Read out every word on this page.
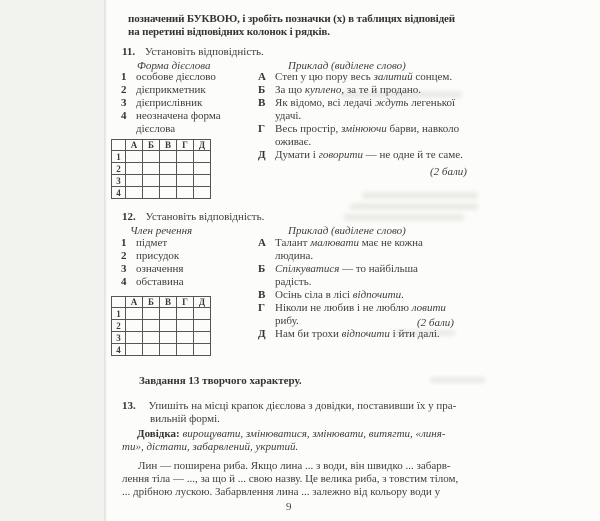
позначений БУКВОЮ, і зробіть позначки (х) в таблицях відповідей
на перетині відповідних колонок і рядків.
11. Установіть відповідність.
Форма дієслова	Приклад (виділене слово)
1 особове дієслово
2 дієприкметник
3 дієприслівник
4 неозначена форма дієслова
А Степ у цю пору весь залитий сонцем.
Б За що куплено, за те й продано.
В Як відомо, всі ледачі ждуть легенької удачі.
Г Весь простір, змінюючи барви, навколо оживає.
Д Думати і говорити — не одне й те саме.
	А	Б	В	Г	Д
1					
2					
3					
4					
(2 бали)
12. Установіть відповідність.
Член речення	Приклад (виділене слово)
1 підмет
2 присудок
3 означення
4 обставина
А Талант малювати має не кожна людина.
Б Спілкуватися — то найбільша радість.
В Осінь сіла в лісі відпочити.
Г Ніколи не любив і не люблю ловити рибу.
Д Нам би трохи відпочити і йти далі.
	А	Б	В	Г	Д
1					
2					
3					
4					
(2 бали)
Завдання 13 творчого характеру.
13. Упишіть на місці крапок дієслова з довідки, поставивши їх у пра-
вильній формі.
Довідка: вирощувати, змінюватися, змінювати, витягти, «линя-
ти», дістати, забарвлений, укритий.
Лин — поширена риба. Якщо лина ... з води, він швидко ... забарв-
лення тіла — ..., за що й ... свою назву. Це велика риба, з товстим тілом,
... дрібною лускою. Забарвлення лина ... залежно від кольору води у
9
